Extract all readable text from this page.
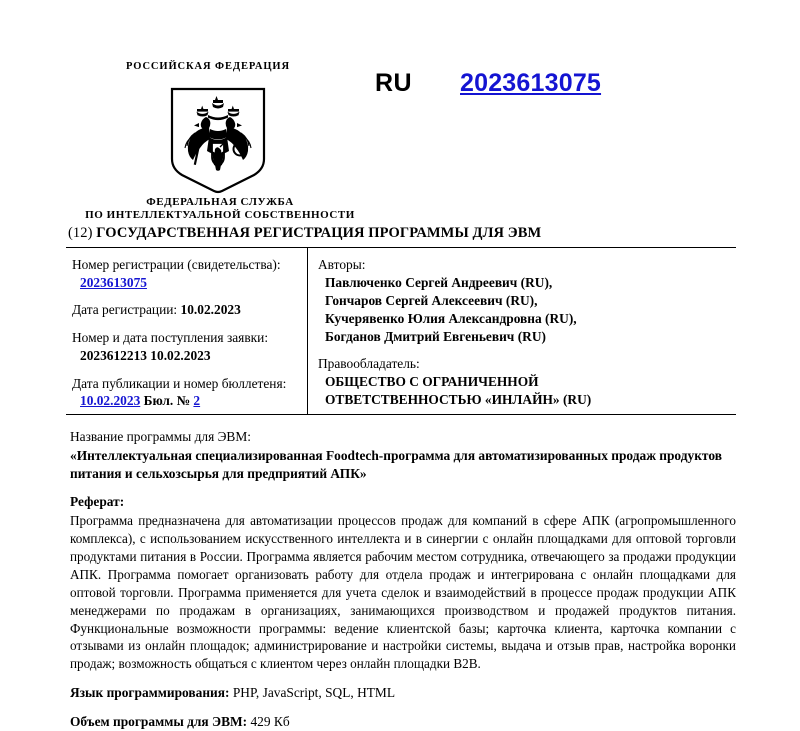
РОССИЙСКАЯ ФЕДЕРАЦИЯ
ФЕДЕРАЛЬНАЯ СЛУЖБА
ПО ИНТЕЛЛЕКТУАЛЬНОЙ СОБСТВЕННОСТИ
RU 2023613075
(12) ГОСУДАРСТВЕННАЯ РЕГИСТРАЦИЯ ПРОГРАММЫ ДЛЯ ЭВМ
Номер регистрации (свидетельства):
2023613075
Дата регистрации: 10.02.2023
Номер и дата поступления заявки:
2023612213 10.02.2023
Дата публикации и номер бюллетеня:
10.02.2023 Бюл. № 2
Авторы:
Павлюченко Сергей Андреевич (RU),
Гончаров Сергей Алексеевич (RU),
Кучерявенко Юлия Александровна (RU),
Богданов Дмитрий Евгеньевич (RU)
Правообладатель:
ОБЩЕСТВО С ОГРАНИЧЕННОЙ
ОТВЕТСТВЕННОСТЬЮ «ИНЛАЙН» (RU)
Название программы для ЭВМ:
«Интеллектуальная специализированная Foodtech-программа для автоматизированных продаж продуктов питания и сельхозсырья для предприятий АПК»
Реферат:
Программа предназначена для автоматизации процессов продаж для компаний в сфере АПК (агропромышленного комплекса), с использованием искусственного интеллекта и в синергии с онлайн площадками для оптовой торговли продуктами питания в России. Программа является рабочим местом сотрудника, отвечающего за продажи продукции АПК. Программа помогает организовать работу для отдела продаж и интегрирована с онлайн площадками для оптовой торговли. Программа применяется для учета сделок и взаимодействий в процессе продаж продукции АПК менеджерами по продажам в организациях, занимающихся производством и продажей продуктов питания. Функциональные возможности программы: ведение клиентской базы; карточка клиента, карточка компании с отзывами из онлайн площадок; администрирование и настройки системы, выдача и отзыв прав, настройка воронки продаж; возможность общаться с клиентом через онлайн площадки B2B.
Язык программирования: PHP, JavaScript, SQL, HTML
Объем программы для ЭВМ: 429 Кб
